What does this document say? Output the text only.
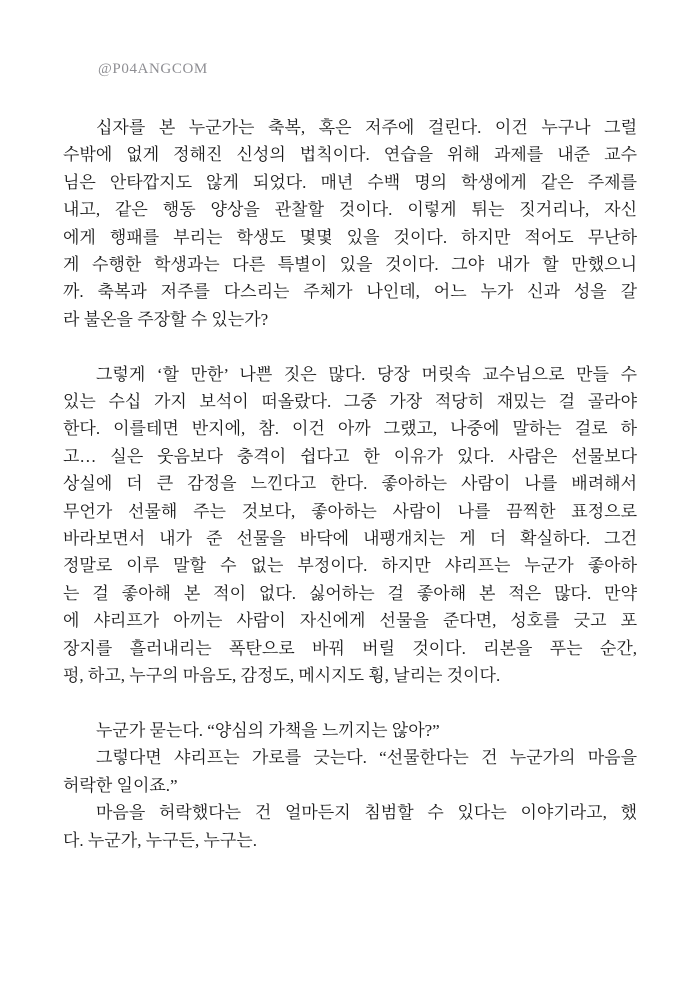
@P04ANGCOM
십자를 본 누군가는 축복, 혹은 저주에 걸린다. 이건 누구나 그럴
수밖에 없게 정해진 신성의 법칙이다. 연습을 위해 과제를 내준 교수
님은 안타깝지도 않게 되었다. 매년 수백 명의 학생에게 같은 주제를
내고, 같은 행동 양상을 관찰할 것이다. 이렇게 튀는 짓거리나, 자신
에게 행패를 부리는 학생도 몇몇 있을 것이다. 하지만 적어도 무난하
게 수행한 학생과는 다른 특별이 있을 것이다. 그야 내가 할 만했으니
까. 축복과 저주를 다스리는 주체가 나인데, 어느 누가 신과 성을 갈
라 불온을 주장할 수 있는가?
그렇게 ‘할 만한’ 나쁜 짓은 많다. 당장 머릿속 교수님으로 만들 수
있는 수십 가지 보석이 떠올랐다. 그중 가장 적당히 재밌는 걸 골라야
한다. 이를테면 반지에, 참. 이건 아까 그랬고, 나중에 말하는 걸로 하
고… 실은 웃음보다 충격이 쉽다고 한 이유가 있다. 사람은 선물보다
상실에 더 큰 감정을 느낀다고 한다. 좋아하는 사람이 나를 배려해서
무언가 선물해 주는 것보다, 좋아하는 사람이 나를 끔찍한 표정으로
바라보면서 내가 준 선물을 바닥에 내팽개치는 게 더 확실하다. 그건
정말로 이루 말할 수 없는 부정이다. 하지만 샤리프는 누군가 좋아하
는 걸 좋아해 본 적이 없다. 싫어하는 걸 좋아해 본 적은 많다. 만약
에 샤리프가 아끼는 사람이 자신에게 선물을 준다면, 성호를 긋고 포
장지를 흘러내리는 폭탄으로 바꿔 버릴 것이다. 리본을 푸는 순간,
펑, 하고, 누구의 마음도, 감정도, 메시지도 휭, 날리는 것이다.
누군가 묻는다. “양심의 가책을 느끼지는 않아?”
그렇다면 샤리프는 가로를 긋는다. “선물한다는 건 누군가의 마음을
허락한 일이죠.”
마음을 허락했다는 건 얼마든지 침범할 수 있다는 이야기라고, 했
다. 누군가, 누구든, 누구는.
